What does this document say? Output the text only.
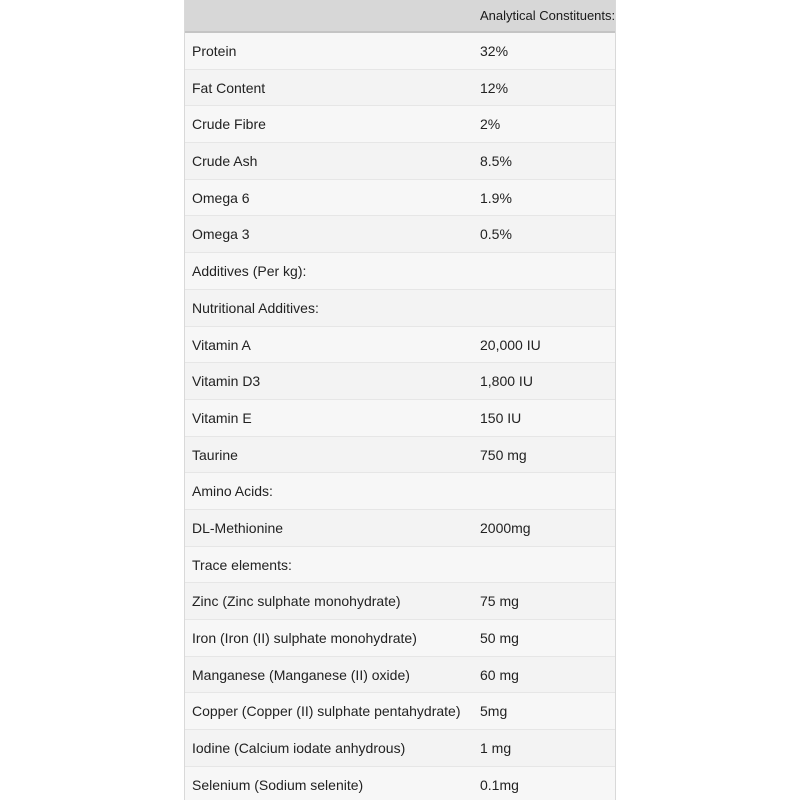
Analytical Constituents:
Protein	32%
Fat Content	12%
Crude Fibre	2%
Crude Ash	8.5%
Omega 6	1.9%
Omega 3	0.5%
Additives (Per kg):
Nutritional Additives:
Vitamin A	20,000 IU
Vitamin D3	1,800 IU
Vitamin E	150 IU
Taurine	750 mg
Amino Acids:
DL-Methionine	2000mg
Trace elements:
Zinc (Zinc sulphate monohydrate)	75 mg
Iron (Iron (II) sulphate monohydrate)	50 mg
Manganese (Manganese (II) oxide)	60 mg
Copper (Copper (II) sulphate pentahydrate) 5mg
Iodine (Calcium iodate anhydrous)	1 mg
Selenium (Sodium selenite)	0.1mg
